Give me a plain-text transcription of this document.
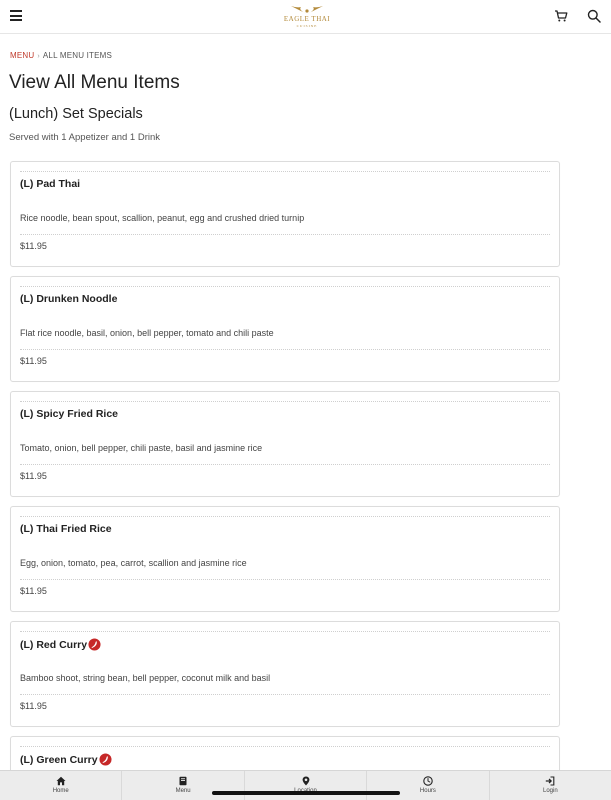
EAGLE THAI
CUISINE
MENU › ALL MENU ITEMS
View All Menu Items
(Lunch) Set Specials
Served with 1 Appetizer and 1 Drink
(L) Pad Thai
Rice noodle, bean spout, scallion, peanut, egg and crushed dried turnip
$11.95
(L) Drunken Noodle
Flat rice noodle, basil, onion, bell pepper, tomato and chili paste
$11.95
(L) Spicy Fried Rice
Tomato, onion, bell pepper, chili paste, basil and jasmine rice
$11.95
(L) Thai Fried Rice
Egg, onion, tomato, pea, carrot, scallion and jasmine rice
$11.95
(L) Red Curry
Bamboo shoot, string bean, bell pepper, coconut milk and basil
$11.95
(L) Green Curry
Home	Menu	Hours	Login
